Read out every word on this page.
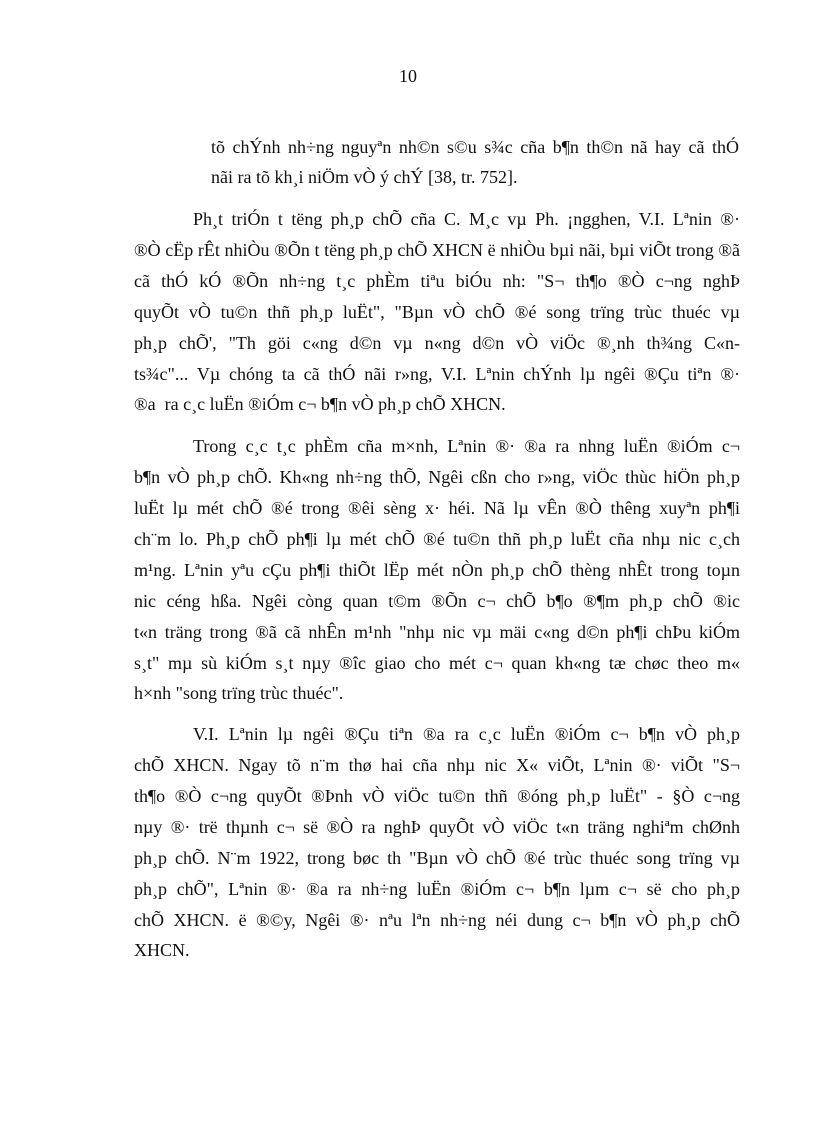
10
tõ chÝnh nh÷ng nguyªn nh©n s©u s¾c cña b¶n th©n nã hay cã thÓ
nãi ra tõ kh¸i niÖm vÒ ý chÝ [38, tr. 752].
Ph¸t triÓn t tëng ph¸p chÕ cña C. M¸c vµ Ph. ¡ngghen, V.I. Lªnin ®·
®Ò cËp rÊt nhiÒu ®Õn t tëng ph¸p chÕ XHCN ë nhiÒu bµi nãi, bµi viÕt trong ®ã
cã thÓ kÓ ®Õn nh÷ng t¸c phÈm tiªu biÓu nh: "S¬ th¶o ®Ò c¬ng nghÞ
quyÕt vÒ tu©n thñ ph¸p luËt", "Bµn vÒ chÕ ®é song trïng trùc thuéc vµ
ph¸p chÕ', "Th göi c«ng d©n vµ n«ng d©n vÒ viÖc ®¸nh th¾ng C«n-
ts¾c"... Vµ chóng ta cã thÓ nãi r»ng, V.I. Lªnin chÝnh lµ ngêi ®Çu tiªn ®·
®a  ra c¸c luËn ®iÓm c¬ b¶n vÒ ph¸p chÕ XHCN.
Trong c¸c t¸c phÈm cña m×nh, Lªnin ®· ®a ra nhng luËn ®iÓm c¬
b¶n vÒ ph¸p chÕ. Kh«ng nh÷ng thÕ, Ngêi cßn cho r»ng, viÖc thùc hiÖn ph¸p
luËt lµ mét chÕ ®é trong ®êi sèng x· héi. Nã lµ vÊn ®Ò thêng xuyªn ph¶i
ch¨m lo. Ph¸p chÕ ph¶i lµ mét chÕ ®é tu©n thñ ph¸p luËt cña nhµ nic c¸ch
m¹ng. Lªnin yªu cÇu ph¶i thiÕt lËp mét nÒn ph¸p chÕ thèng nhÊt trong toµn
nic céng hßa. Ngêi còng quan t©m ®Õn c¬ chÕ b¶o ®¶m ph¸p chÕ ®ic
t«n träng trong ®ã cã nhÊn m¹nh "nhµ nic vµ mäi c«ng d©n ph¶i chÞu kiÓm
s¸t" mµ sù kiÓm s¸t nµy ®îc giao cho mét c¬ quan kh«ng tæ chøc theo m«
h×nh "song trïng trùc thuéc".
V.I. Lªnin lµ ngêi ®Çu tiªn ®a ra c¸c luËn ®iÓm c¬ b¶n vÒ ph¸p
chÕ XHCN. Ngay tõ n¨m thø hai cña nhµ nic X« viÕt, Lªnin ®· viÕt "S¬
th¶o ®Ò c¬ng quyÕt ®Þnh vÒ viÖc tu©n thñ ®óng ph¸p luËt" - §Ò c¬ng
nµy ®· trë thµnh c¬ së ®Ò ra nghÞ quyÕt vÒ viÖc t«n träng nghiªm chØnh
ph¸p chÕ. N¨m 1922, trong bøc th "Bµn vÒ chÕ ®é trùc thuéc song trïng vµ
ph¸p chÕ", Lªnin ®· ®a ra nh÷ng luËn ®iÓm c¬ b¶n lµm c¬ së cho ph¸p
chÕ XHCN. ë ®©y, Ngêi ®· nªu lªn nh÷ng néi dung c¬ b¶n vÒ ph¸p chÕ
XHCN.
